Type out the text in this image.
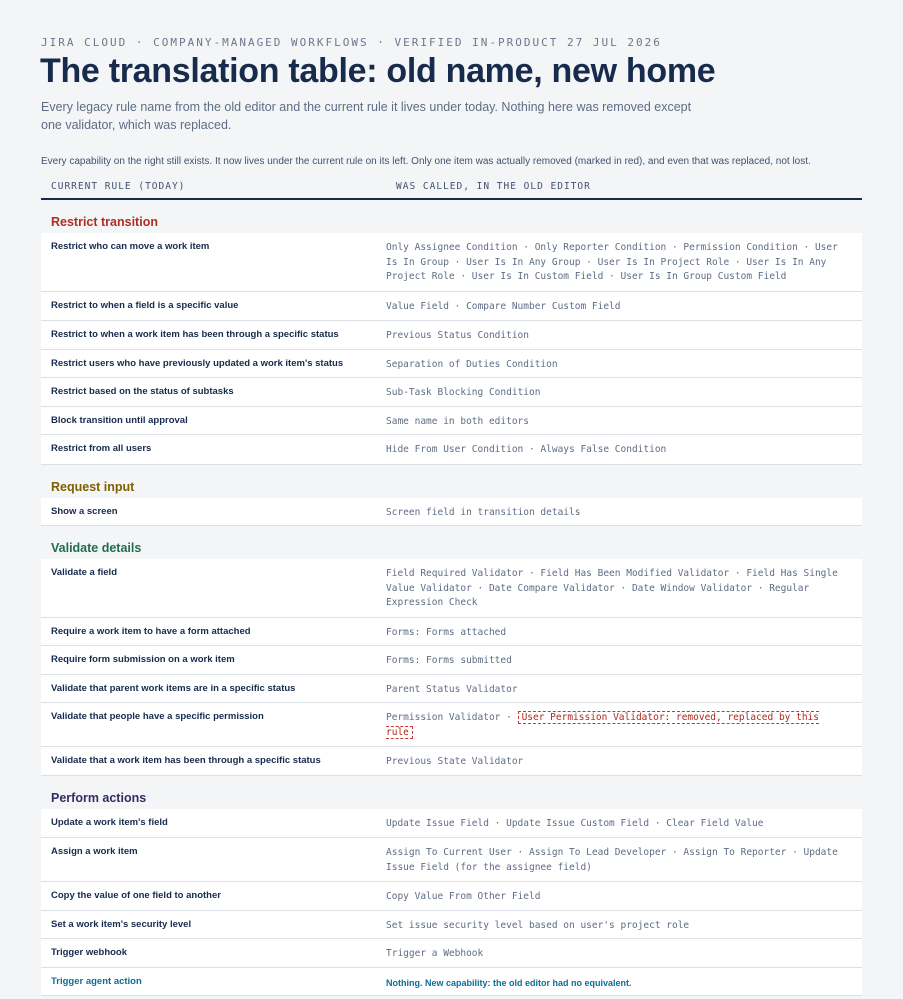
JIRA CLOUD · COMPANY-MANAGED WORKFLOWS · VERIFIED IN-PRODUCT 27 JUL 2026
The translation table: old name, new home

Every legacy rule name from the old editor and the current rule it lives under today. Nothing here was removed except one validator, which was replaced.

Every capability on the right still exists. It now lives under the current rule on its left. Only one item was actually removed (marked in red), and even that was replaced, not lost.

CURRENT RULE (TODAY)	WAS CALLED, IN THE OLD EDITOR
Restrict transition
Restrict who can move a work item	Only Assignee Condition · Only Reporter Condition · Permission Condition · User Is In Group · User Is In Any Group · User Is In Project Role · User Is In Any Project Role · User Is In Custom Field · User Is In Group Custom Field
Restrict to when a field is a specific value	Value Field · Compare Number Custom Field
Restrict to when a work item has been through a specific status	Previous Status Condition
Restrict users who have previously updated a work item's status	Separation of Duties Condition
Restrict based on the status of subtasks	Sub-Task Blocking Condition
Block transition until approval	Same name in both editors
Restrict from all users	Hide From User Condition · Always False Condition
Request input
Show a screen	Screen field in transition details
Validate details
Validate a field	Field Required Validator · Field Has Been Modified Validator · Field Has Single Value Validator · Date Compare Validator · Date Window Validator · Regular Expression Check
Require a work item to have a form attached	Forms: Forms attached
Require form submission on a work item	Forms: Forms submitted
Validate that parent work items are in a specific status	Parent Status Validator
Validate that people have a specific permission	Permission Validator · User Permission Validator: removed, replaced by this rule
Validate that a work item has been through a specific status	Previous State Validator
Perform actions
Update a work item's field	Update Issue Field · Update Issue Custom Field · Clear Field Value
Assign a work item	Assign To Current User · Assign To Lead Developer · Assign To Reporter · Update Issue Field (for the assignee field)
Copy the value of one field to another	Copy Value From Other Field
Set a work item's security level	Set issue security level based on user's project role
Trigger webhook	Trigger a Webhook
Trigger agent action	Nothing. New capability: the old editor had no equivalent.
